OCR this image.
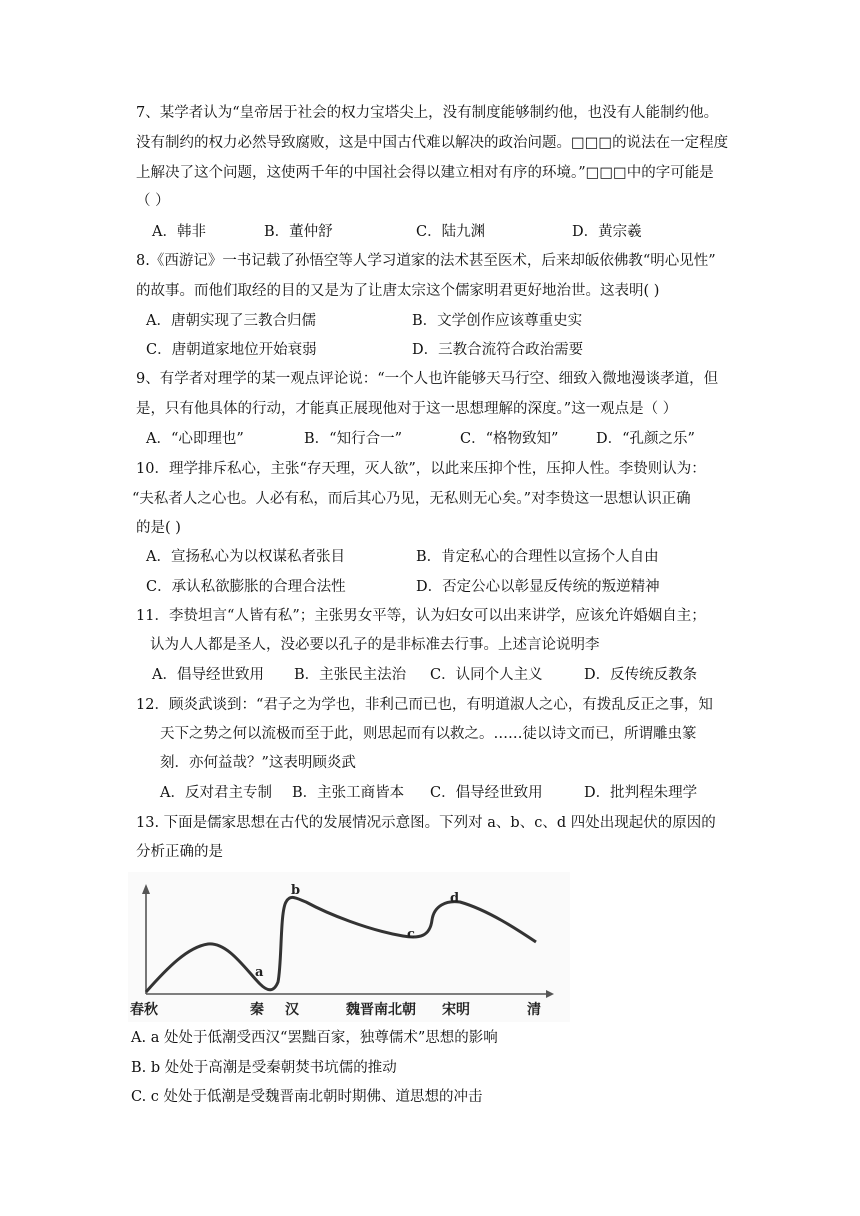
7、某学者认为“皇帝居于社会的权力宝塔尖上，没有制度能够制约他，也没有人能制约他。
没有制约的权力必然导致腐败，这是中国古代难以解决的政治问题。□□□的说法在一定程度
上解决了这个问题，这使两千年的中国社会得以建立相对有序的环境。”□□□中的字可能是
（ ）
A．韩非	B．董仲舒	C．陆九渊	D．黄宗羲
8.《西游记》一书记载了孙悟空等人学习道家的法术甚至医术，后来却皈依佛教“明心见性”
的故事。而他们取经的目的又是为了让唐太宗这个儒家明君更好地治世。这表明( )
A．唐朝实现了三教合归儒	B．文学创作应该尊重史实
C．唐朝道家地位开始衰弱	D．三教合流符合政治需要
9、有学者对理学的某一观点评论说：“一个人也许能够天马行空、细致入微地漫谈孝道，但
是，只有他具体的行动，才能真正展现他对于这一思想理解的深度。”这一观点是（ ）
A．“心即理也”	B．“知行合一”	C．“格物致知”	D．“孔颜之乐”
10．理学排斥私心，主张“存天理，灭人欲”，以此来压抑个性，压抑人性。李贽则认为：
“夫私者人之心也。人必有私，而后其心乃见，无私则无心矣。”对李贽这一思想认识正确
的是( )
A．宣扬私心为以权谋私者张目	B．肯定私心的合理性以宣扬个人自由
C．承认私欲膨胀的合理合法性	D．否定公心以彰显反传统的叛逆精神
11．李贽坦言“人皆有私”；主张男女平等，认为妇女可以出来讲学，应该允许婚姻自主；
认为人人都是圣人，没必要以孔子的是非标准去行事。上述言论说明李
A．倡导经世致用 B．主张民主法治 C．认同个人主义	D．反传统反教条
12．顾炎武谈到：“君子之为学也，非利己而已也，有明道淑人之心，有拨乱反正之事，知
天下之势之何以流极而至于此，则思起而有以救之。……徒以诗文而已，所谓雕虫篆
刻．亦何益哉？”这表明顾炎武
A．反对君主专制 B．主张工商皆本 C．倡导经世致用	D．批判程朱理学
13. 下面是儒家思想在古代的发展情况示意图。下列对 a、b、c、d 四处出现起伏的原因的
分析正确的是
a
b
c
d
春秋	秦 汉	魏晋南北朝 宋明	清
A. a 处处于低潮受西汉“罢黜百家，独尊儒术”思想的影响
B. b 处处于高潮是受秦朝焚书坑儒的推动
C. c 处处于低潮是受魏晋南北朝时期佛、道思想的冲击
